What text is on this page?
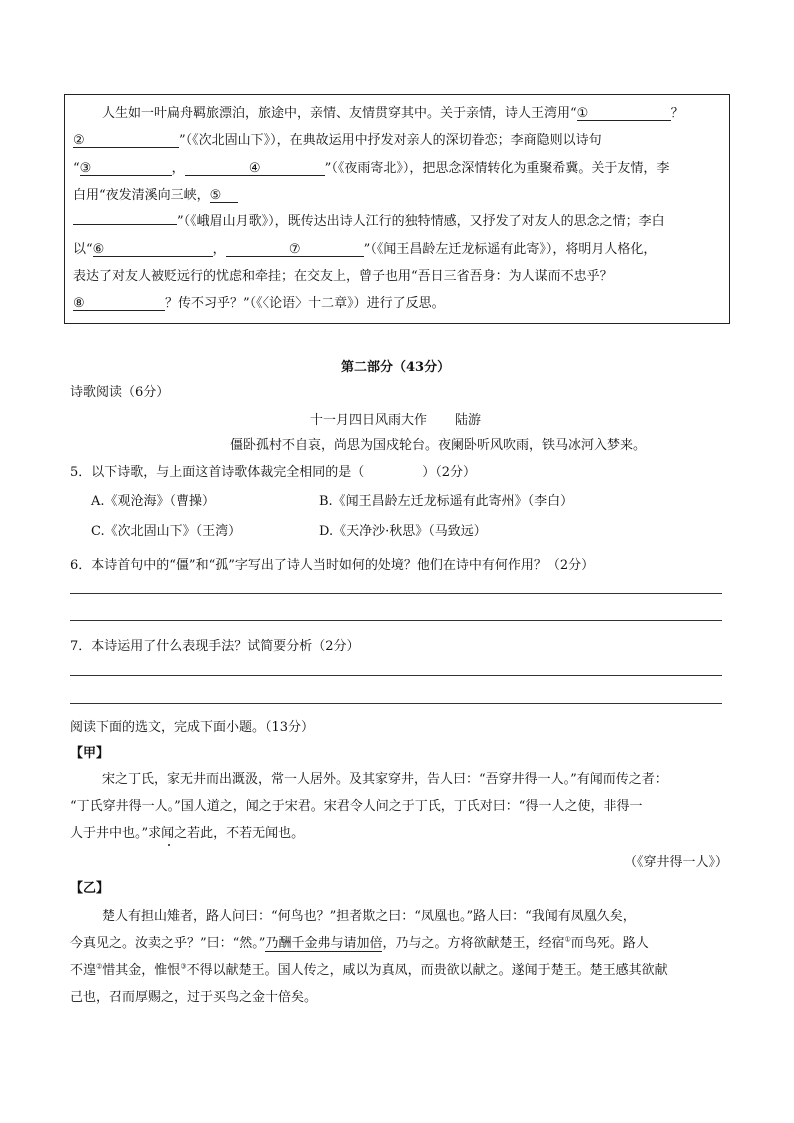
人生如一叶扁舟羁旅漂泊，旅途中，亲情、友情贯穿其中。关于亲情，诗人王湾用“①	？
②	”（《次北固山下》），在典故运用中抒发对亲人的深切眷恋；李商隐则以诗句
“③	，	④	”（《夜雨寄北》），把思念深情转化为重聚希冀。关于友情，李
白用“夜发清溪向三峡，⑤
”（《峨眉山月歌》），既传达出诗人江行的独特情感，又抒发了对友人的思念之情；李白
以“⑥	，	⑦	”（《闻王昌龄左迁龙标遥有此寄》），将明月人格化，
表达了对友人被贬远行的忧虑和牵挂；在交友上，曾子也用“吾日三省吾身：为人谋而不忠乎？
⑧	？传不习乎？”（《〈论语〉十二章》）进行了反思。
第二部分（43分）
诗歌阅读（6分）
十一月四日风雨大作 陆游
僵卧孤村不自哀，尚思为国戍轮台。夜阑卧听风吹雨，铁马冰河入梦来。
5．以下诗歌，与上面这首诗歌体裁完全相同的是（	）（2分）
A.《观沧海》（曹操）	B.《闻王昌龄左迁龙标遥有此寄州》（李白）
C.《次北固山下》（王湾）	D.《天净沙·秋思》（马致远）
6．本诗首句中的“僵”和“孤”字写出了诗人当时如何的处境？他们在诗中有何作用？（2分）
7．本诗运用了什么表现手法？试简要分析（2分）
阅读下面的选文，完成下面小题。（13分）
【甲】
宋之丁氏，家无井而出溉汲，常一人居外。及其家穿井，告人曰：“吾穿井得一人。”有闻而传之者：
“丁氏穿井得一人。”国人道之，闻之于宋君。宋君令人问之于丁氏，丁氏对曰：“得一人之使，非得一
人于井中也。”求闻之若此，不若无闻也。
（《穿井得一人》）
【乙】
楚人有担山雉者，路人问曰：“何鸟也？”担者欺之曰：“凤凰也。”路人曰：“我闻有凤凰久矣，
今真见之。汝卖之乎？”曰：“然。”乃酬千金弗与请加倍，乃与之。方将欲献楚王，经宿①而鸟死。路人
不遑②惜其金，惟恨③不得以献楚王。国人传之，咸以为真凤，而贵欲以献之。遂闻于楚王。楚王感其欲献
己也，召而厚赐之，过于买鸟之金十倍矣。
